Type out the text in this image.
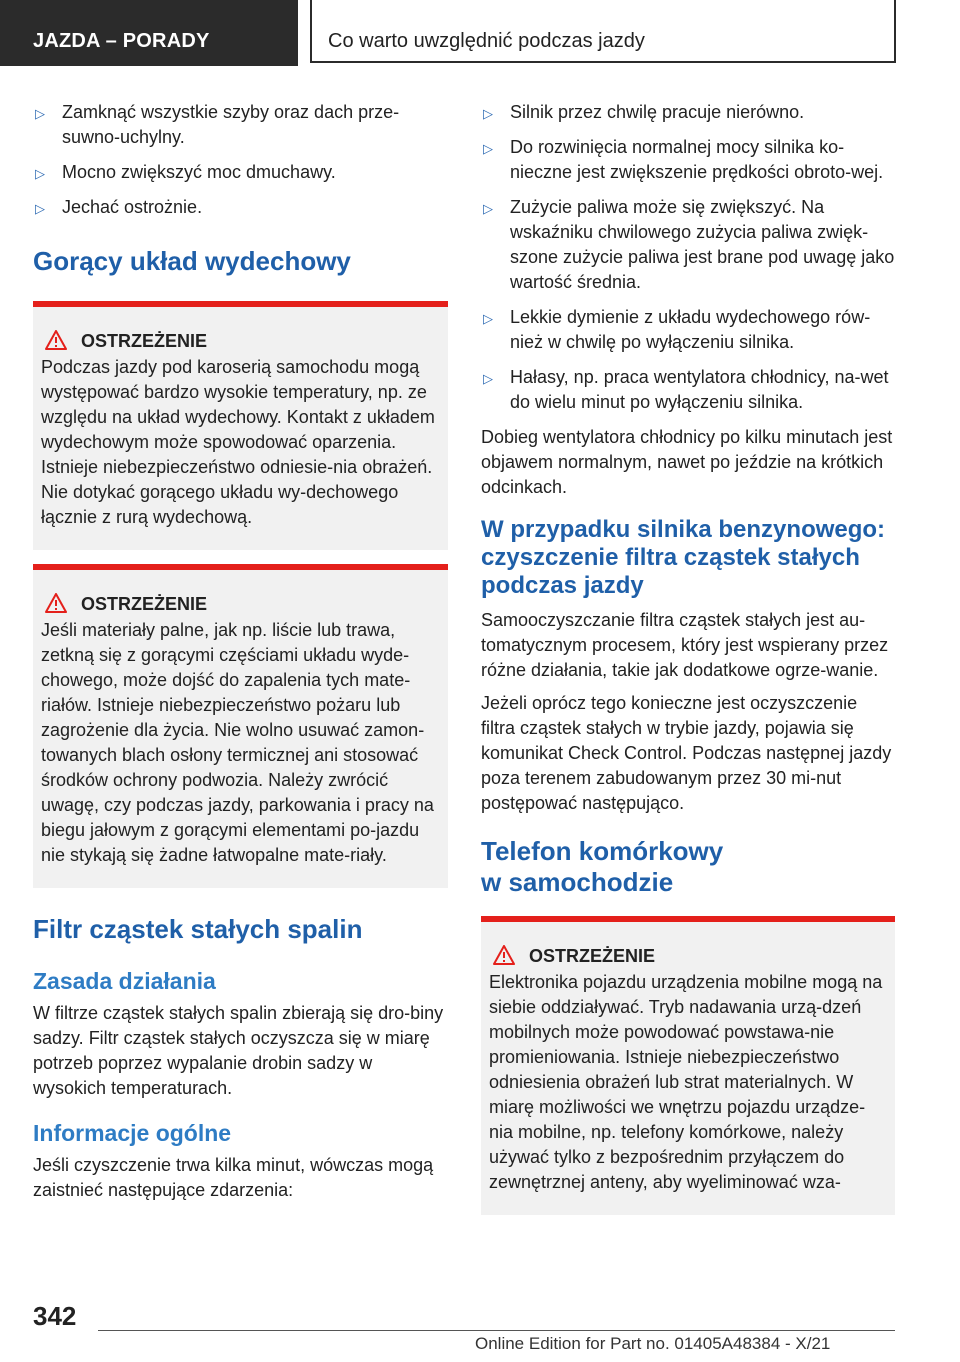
JAZDA – PORADY	Co warto uwzględnić podczas jazdy
▷ Zamknąć wszystkie szyby oraz dach prze‐suwno-uchylny.
▷ Mocno zwiększyć moc dmuchawy.
▷ Jechać ostrożnie.
Gorący układ wydechowy
OSTRZEŻENIE
Podczas jazdy pod karoserią samochodu mogą występować bardzo wysokie temperatury, np. ze względu na układ wydechowy. Kontakt z układem wydechowym może spowodować oparzenia. Istnieje niebezpieczeństwo odniesie‐nia obrażeń. Nie dotykać gorącego układu wy‐dechowego łącznie z rurą wydechową.
OSTRZEŻENIE
Jeśli materiały palne, jak np. liście lub trawa, zetkną się z gorącymi częściami układu wyde‐chowego, może dojść do zapalenia tych mate‐riałów. Istnieje niebezpieczeństwo pożaru lub zagrożenie dla życia. Nie wolno usuwać zamon‐towanych blach osłony termicznej ani stosować środków ochrony podwozia. Należy zwrócić uwagę, czy podczas jazdy, parkowania i pracy na biegu jałowym z gorącymi elementami po‐jazdu nie stykają się żadne łatwopalne mate‐riały.
Filtr cząstek stałych spalin
Zasada działania

W filtrze cząstek stałych spalin zbierają się dro‐biny sadzy. Filtr cząstek stałych oczyszcza się w miarę potrzeb poprzez wypalanie drobin sadzy w wysokich temperaturach.

Informacje ogólne

Jeśli czyszczenie trwa kilka minut, wówczas mogą zaistnieć następujące zdarzenia:

▷ Silnik przez chwilę pracuje nierówno.
▷ Do rozwinięcia normalnej mocy silnika ko‐nieczne jest zwiększenie prędkości obroto‐wej.
▷ Zużycie paliwa może się zwiększyć. Na wskaźniku chwilowego zużycia paliwa zwięk‐szone zużycie paliwa jest brane pod uwagę jako wartość średnia.
▷ Lekkie dymienie z układu wydechowego rów‐nież w chwilę po wyłączeniu silnika.
▷ Hałasy, np. praca wentylatora chłodnicy, na‐wet do wielu minut po wyłączeniu silnika.

Dobieg wentylatora chłodnicy po kilku minutach jest objawem normalnym, nawet po jeździe na krótkich odcinkach.

W przypadku silnika benzynowego: czyszczenie filtra cząstek stałych podczas jazdy

Samooczyszczanie filtra cząstek stałych jest au‐tomatycznym procesem, który jest wspierany przez różne działania, takie jak dodatkowe ogrze‐wanie.

Jeżeli oprócz tego konieczne jest oczyszczenie filtra cząstek stałych w trybie jazdy, pojawia się komunikat Check Control. Podczas następnej jazdy poza terenem zabudowanym przez 30 mi‐nut postępować następująco.

Telefon komórkowy
w samochodzie
OSTRZEŻENIE
Elektronika pojazdu urządzenia mobilne mogą na siebie oddziaływać. Tryb nadawania urzą‐dzeń mobilnych może powodować powstawa‐nie promieniowania. Istnieje niebezpieczeństwo odniesienia obrażeń lub strat materialnych. W miarę możliwości we wnętrzu pojazdu urządze‐nia mobilne, np. telefony komórkowe, należy używać tylko z bezpośrednim przyłączem do zewnętrznej anteny, aby wyeliminować wza‐
342
Online Edition for Part no. 01405A48384 - X/21
